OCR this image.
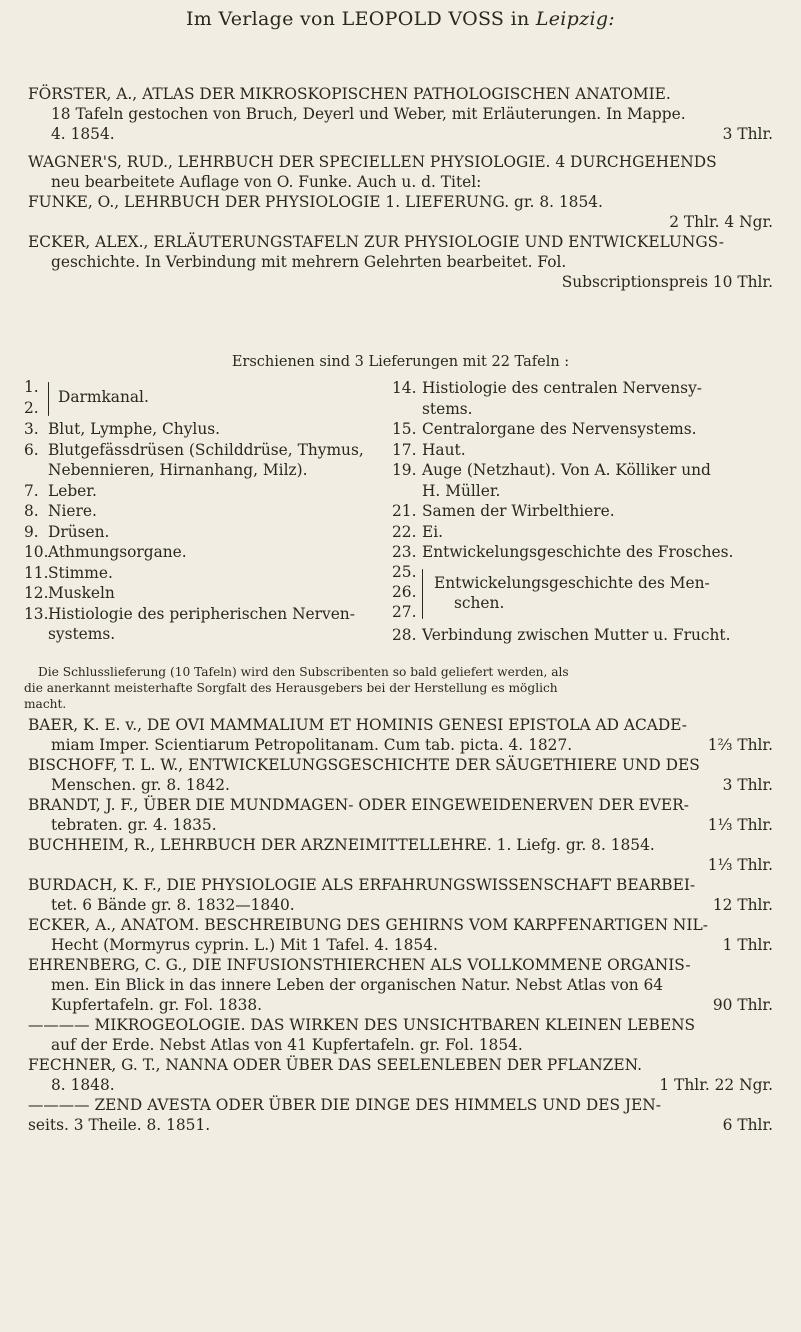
Im Verlage von LEOPOLD VOSS in Leipzig:
FÖRSTER, A., ATLAS DER MIKROSKOPISCHEN PATHOLOGISCHEN ANATOMIE.
18 Tafeln gestochen von Bruch, Deyerl und Weber, mit Erläuterungen. In Mappe.
4. 1854.	3 Thlr.
WAGNER'S, RUD., LEHRBUCH DER SPECIELLEN PHYSIOLOGIE. 4 DURCHGEHENDS
neu bearbeitete Auflage von O. Funke. Auch u. d. Titel:
FUNKE, O., LEHRBUCH DER PHYSIOLOGIE 1. LIEFERUNG. gr. 8. 1854.
2 Thlr. 4 Ngr.
ECKER, ALEX., ERLÄUTERUNGSTAFELN ZUR PHYSIOLOGIE UND ENTWICKELUNGS-
geschichte. In Verbindung mit mehrern Gelehrten bearbeitet. Fol.
Subscriptionspreis 10 Thlr.
Erschienen sind 3 Lieferungen mit 22 Tafeln :
1.
2.
Darmkanal.
3. Blut, Lymphe, Chylus.
6. Blutgefässdrüsen (Schilddrüse, Thymus,
Nebennieren, Hirnanhang, Milz).
7. Leber.
8. Niere.
9. Drüsen.
10.Athmungsorgane.
11.Stimme.
12.Muskeln
13.Histiologie des peripherischen Nerven-
systems.
14. Histiologie des centralen Nervensy-
stems.
15. Centralorgane des Nervensystems.
17. Haut.
19. Auge (Netzhaut). Von A. Kölliker und
H. Müller.
21. Samen der Wirbelthiere.
22. Ei.
23. Entwickelungsgeschichte des Frosches.
25.
26.
27.
Entwickelungsgeschichte des Men-
schen.
28. Verbindung zwischen Mutter u. Frucht.
Die Schlusslieferung (10 Tafeln) wird den Subscribenten so bald geliefert werden, als
die anerkannt meisterhafte Sorgfalt des Herausgebers bei der Herstellung es möglich
macht.
BAER, K. E. v., DE OVI MAMMALIUM ET HOMINIS GENESI EPISTOLA AD ACADE-
miam Imper. Scientiarum Petropolitanam. Cum tab. picta. 4. 1827.	1⅔ Thlr.
BISCHOFF, T. L. W., ENTWICKELUNGSGESCHICHTE DER SÄUGETHIERE UND DES
Menschen. gr. 8. 1842.	3 Thlr.
BRANDT, J. F., ÜBER DIE MUNDMAGEN- ODER EINGEWEIDENERVEN DER EVER-
tebraten. gr. 4. 1835.	1⅓ Thlr.
BUCHHEIM, R., LEHRBUCH DER ARZNEIMITTELLEHRE. 1. Liefg. gr. 8. 1854.
1⅓ Thlr.
BURDACH, K. F., DIE PHYSIOLOGIE ALS ERFAHRUNGSWISSENSCHAFT BEARBEI-
tet. 6 Bände gr. 8. 1832—1840.	12 Thlr.
ECKER, A., ANATOM. BESCHREIBUNG DES GEHIRNS VOM KARPFENARTIGEN NIL-
Hecht (Mormyrus cyprin. L.) Mit 1 Tafel. 4. 1854.	1 Thlr.
EHRENBERG, C. G., DIE INFUSIONSTHIERCHEN ALS VOLLKOMMENE ORGANIS-
men. Ein Blick in das innere Leben der organischen Natur. Nebst Atlas von 64
Kupfertafeln. gr. Fol. 1838.	90 Thlr.
———— MIKROGEOLOGIE. DAS WIRKEN DES UNSICHTBAREN KLEINEN LEBENS
auf der Erde. Nebst Atlas von 41 Kupfertafeln. gr. Fol. 1854.
FECHNER, G. T., NANNA ODER ÜBER DAS SEELENLEBEN DER PFLANZEN.
8. 1848.	1 Thlr. 22 Ngr.
———— ZEND AVESTA ODER ÜBER DIE DINGE DES HIMMELS UND DES JEN-
seits. 3 Theile. 8. 1851.	6 Thlr.
